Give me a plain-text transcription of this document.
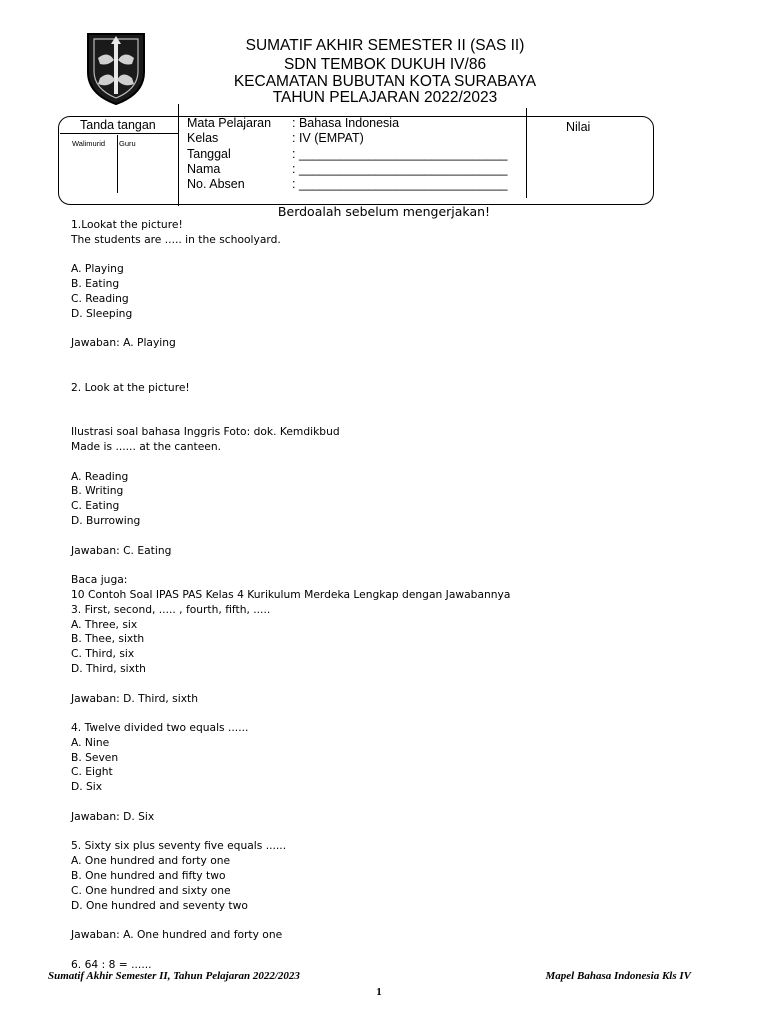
SUMATIF AKHIR SEMESTER II (SAS II)
SDN TEMBOK DUKUH IV/86
KECAMATAN BUBUTAN KOTA SURABAYA
TAHUN PELAJARAN 2022/2023
Tanda tangan
Walimurid Guru
Nilai
Mata Pelajaran : Bahasa Indonesia
Kelas	: IV (EMPAT)
Tanggal	: ______________________________
Nama	: ______________________________
No. Absen	: ______________________________
Berdoalah sebelum mengerjakan!
1.Lookat the picture!
The students are ..... in the schoolyard.
A. Playing
B. Eating
C. Reading
D. Sleeping
Jawaban: A. Playing
2. Look at the picture!
Ilustrasi soal bahasa Inggris Foto: dok. Kemdikbud
Made is ...... at the canteen.
A. Reading
B. Writing
C. Eating
D. Burrowing
Jawaban: C. Eating
Baca juga:
10 Contoh Soal IPAS PAS Kelas 4 Kurikulum Merdeka Lengkap dengan Jawabannya
3. First, second, ..... , fourth, fifth, .....
A. Three, six
B. Thee, sixth
C. Third, six
D. Third, sixth
Jawaban: D. Third, sixth
4. Twelve divided two equals ......
A. Nine
B. Seven
C. Eight
D. Six
Jawaban: D. Six
5. Sixty six plus seventy five equals ......
A. One hundred and forty one
B. One hundred and fifty two
C. One hundred and sixty one
D. One hundred and seventy two
Jawaban: A. One hundred and forty one
6. 64 : 8 = ......
Sumatif Akhir Semester II, Tahun Pelajaran 2022/2023	Mapel Bahasa Indonesia Kls IV
1
